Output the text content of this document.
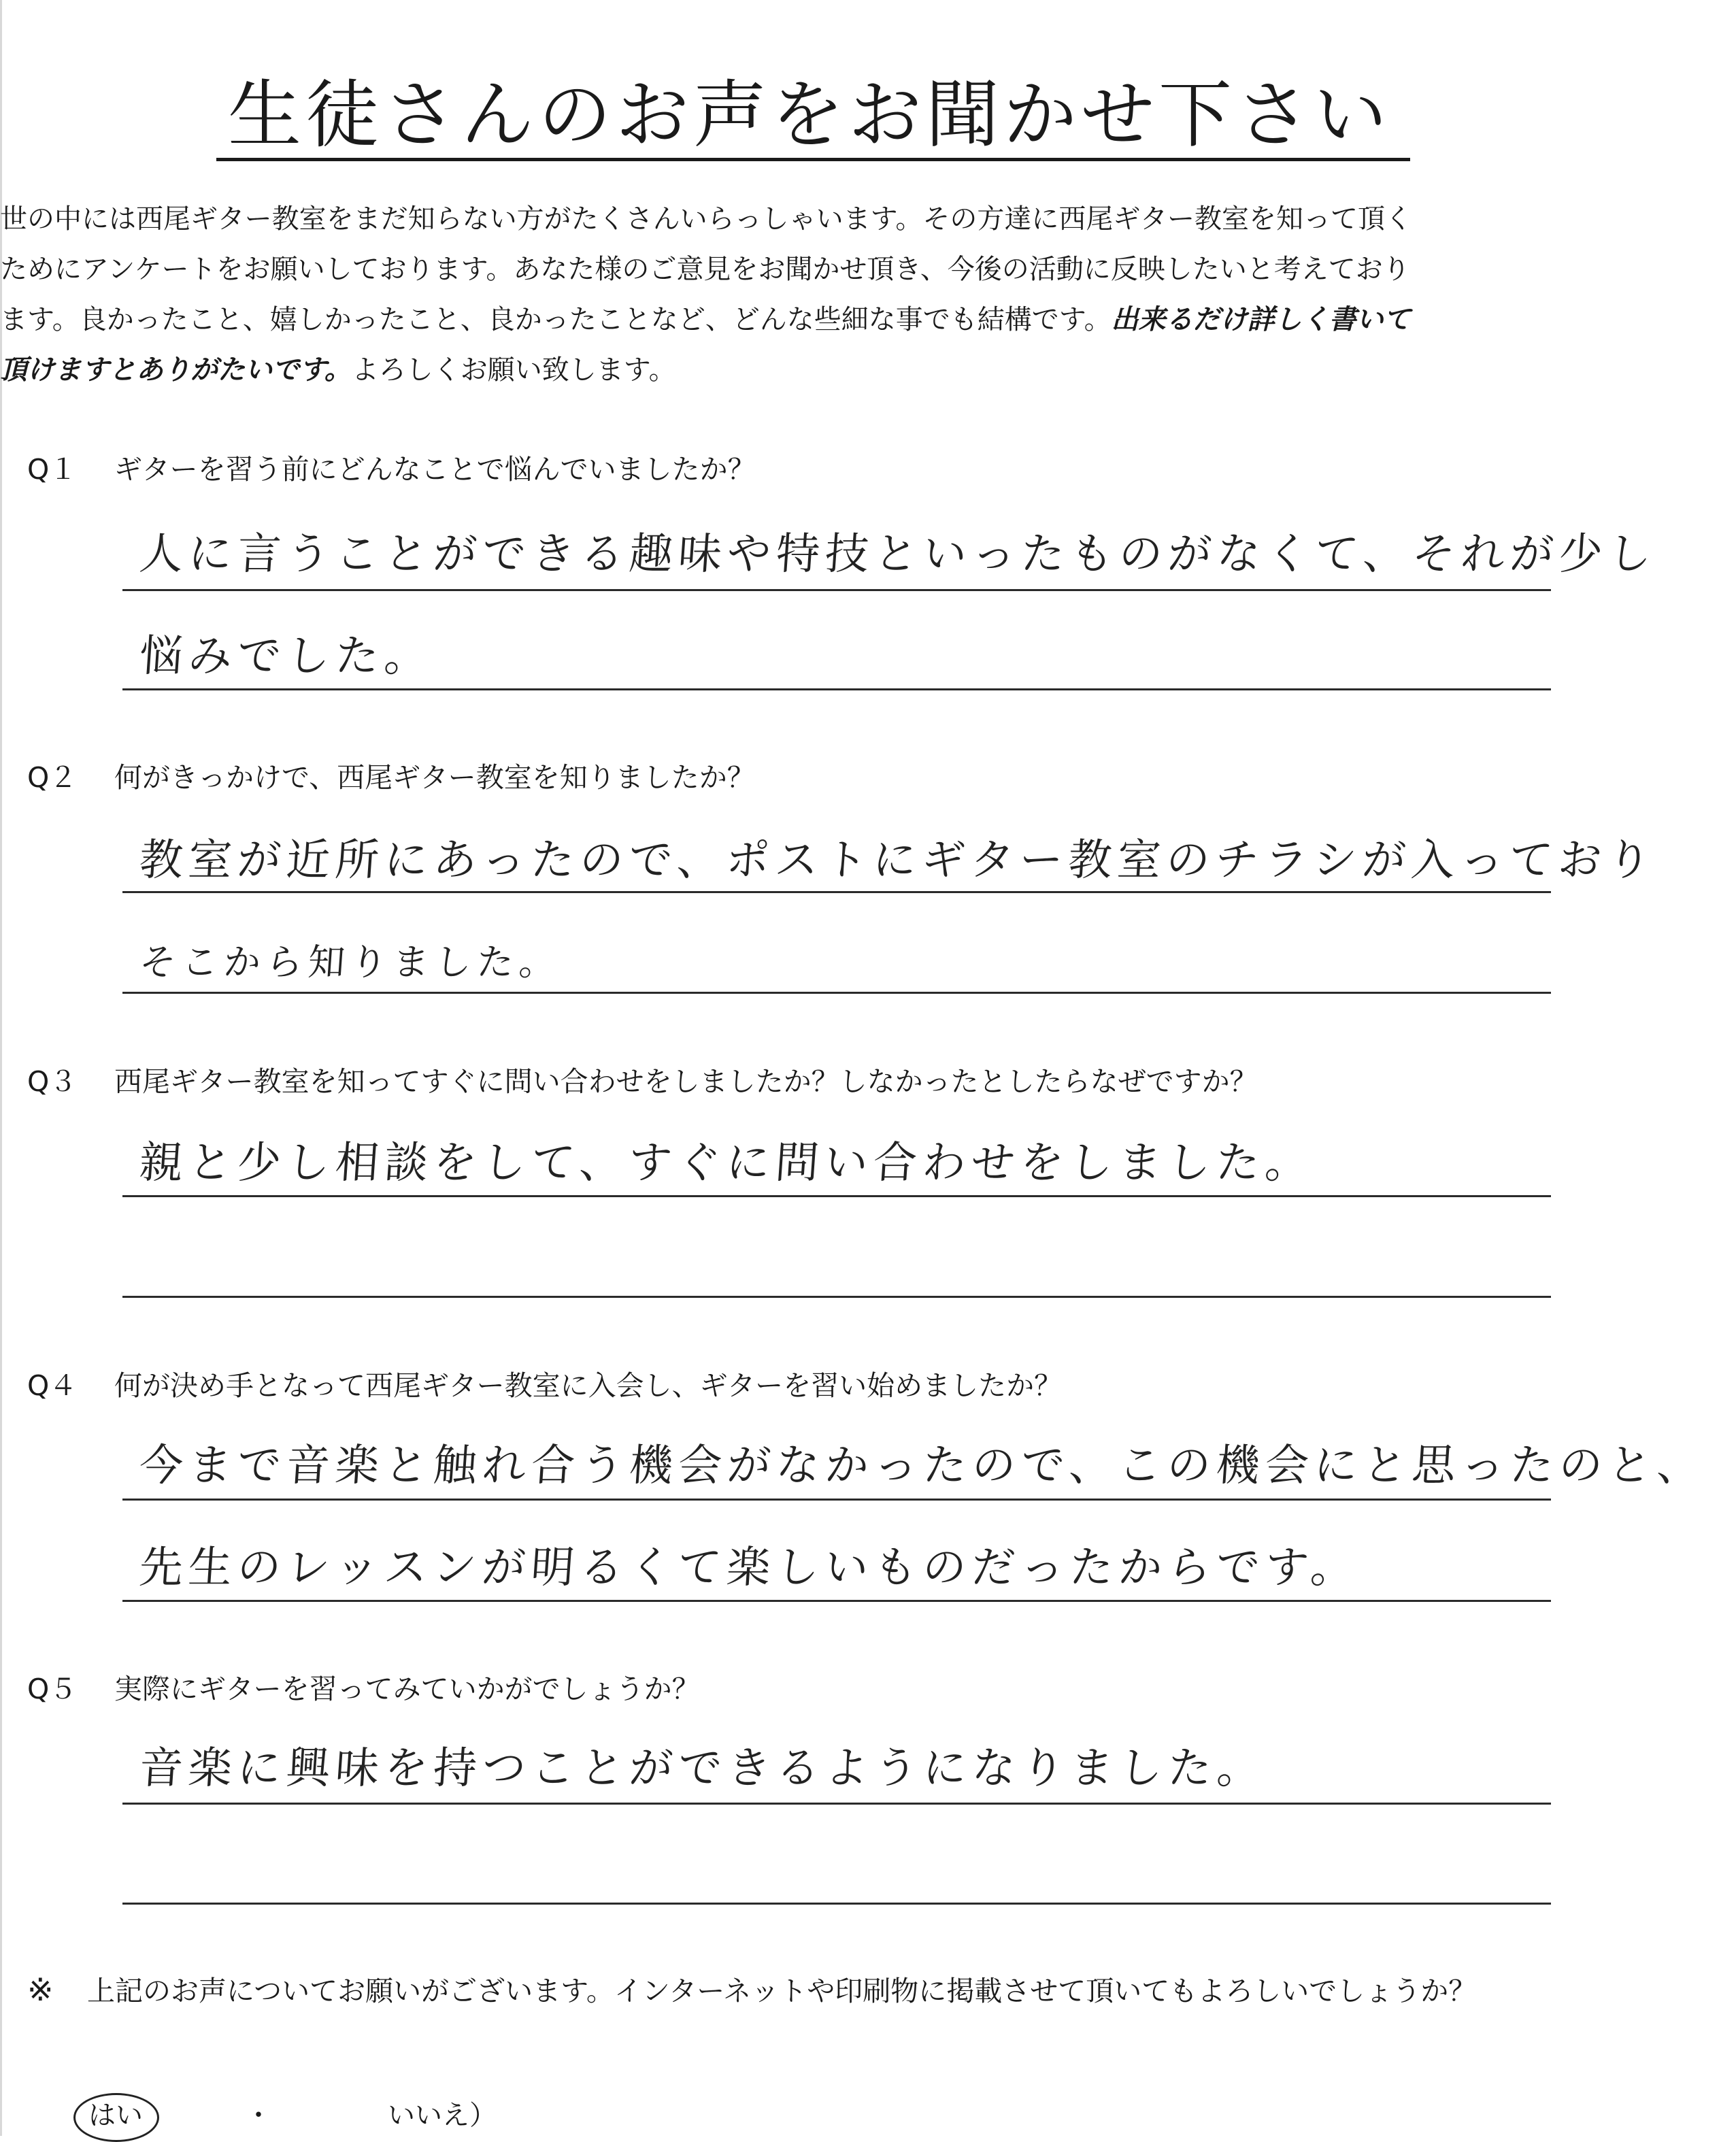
生徒さんのお声をお聞かせ下さい

世の中には西尾ギター教室をまだ知らない方がたくさんいらっしゃいます。その方達に西尾ギター教室を知って頂く
ためにアンケートをお願いしております。あなた様のご意見をお聞かせ頂き、今後の活動に反映したいと考えており
ます。良かったこと、嬉しかったこと、良かったことなど、どんな些細な事でも結構です。出来るだけ詳しく書いて
頂けますとありがたいです。よろしくお願い致します。

Q１ ギターを習う前にどんなことで悩んでいましたか？
人に言うことができる趣味や特技といったものがなくて、それが少し
悩みでした。
Q２ 何がきっかけで、西尾ギター教室を知りましたか？
教室が近所にあったので、ポストにギター教室のチラシが入っており
そこから知りました。
Q３ 西尾ギター教室を知ってすぐに問い合わせをしましたか？しなかったとしたらなぜですか？
親と少し相談をして、すぐに問い合わせをしました。
Q４ 何が決め手となって西尾ギター教室に入会し、ギターを習い始めましたか？
今まで音楽と触れ合う機会がなかったので、この機会にと思ったのと、
先生のレッスンが明るくて楽しいものだったからです。
Q５ 実際にギターを習ってみていかがでしょうか？
音楽に興味を持つことができるようになりました。
※ 上記のお声についてお願いがございます。インターネットや印刷物に掲載させて頂いてもよろしいでしょうか？
はい	・	いいえ）
